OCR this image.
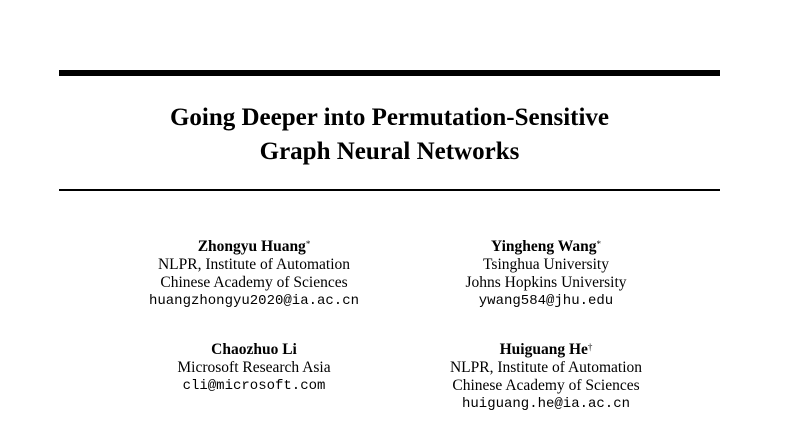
Going Deeper into Permutation-Sensitive
Graph Neural Networks
Zhongyu Huang*
NLPR, Institute of Automation
Chinese Academy of Sciences
huangzhongyu2020@ia.ac.cn
Yingheng Wang*
Tsinghua University
Johns Hopkins University
ywang584@jhu.edu
Chaozhuo Li
Microsoft Research Asia
cli@microsoft.com
Huiguang He†
NLPR, Institute of Automation
Chinese Academy of Sciences
huiguang.he@ia.ac.cn
